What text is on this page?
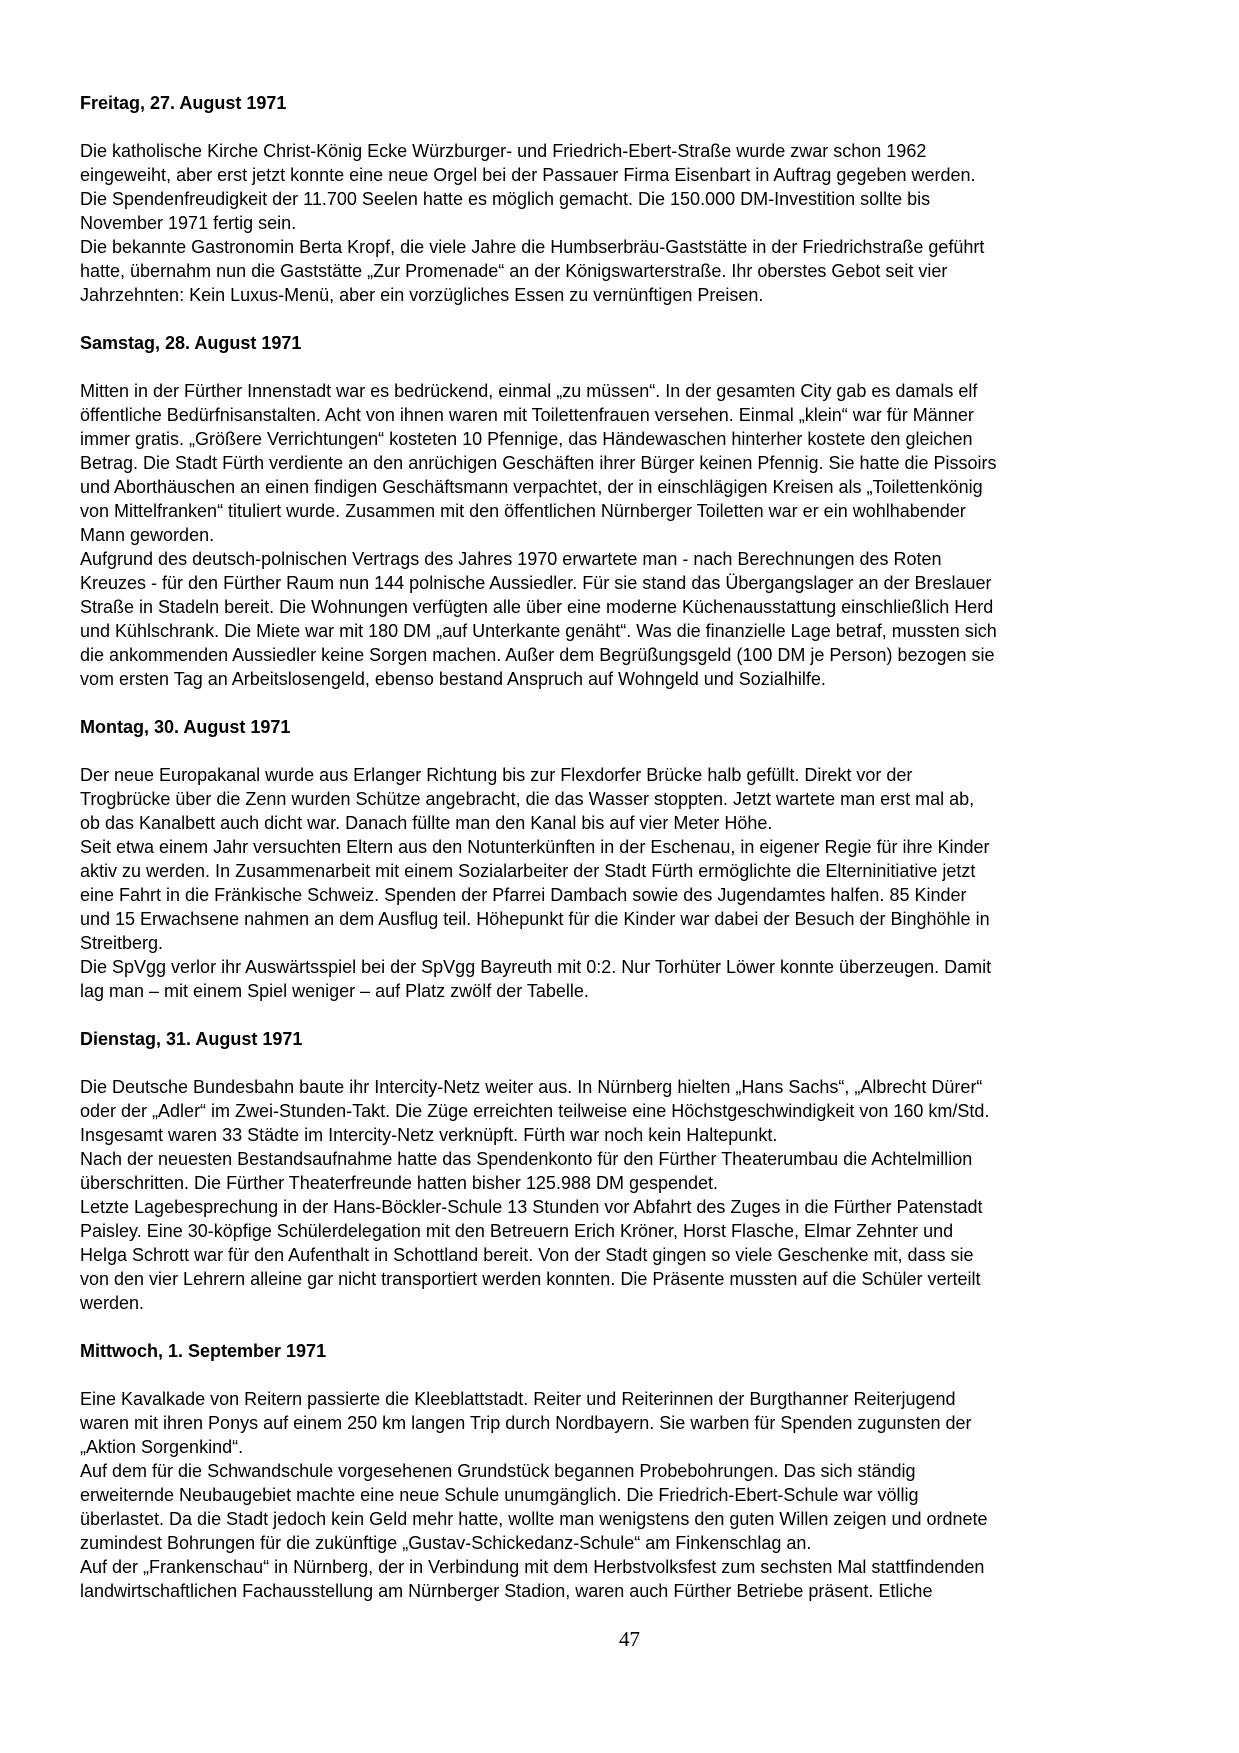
Freitag, 27. August 1971

Die katholische Kirche Christ-König Ecke Würzburger- und Friedrich-Ebert-Straße wurde zwar schon 1962
eingeweiht, aber erst jetzt konnte eine neue Orgel bei der Passauer Firma Eisenbart in Auftrag gegeben werden.
Die Spendenfreudigkeit der 11.700 Seelen hatte es möglich gemacht. Die 150.000 DM-Investition sollte bis
November 1971 fertig sein.
Die bekannte Gastronomin Berta Kropf, die viele Jahre die Humbserbräu-Gaststätte in der Friedrichstraße geführt
hatte, übernahm nun die Gaststätte „Zur Promenade“ an der Königswarterstraße. Ihr oberstes Gebot seit vier
Jahrzehnten: Kein Luxus-Menü, aber ein vorzügliches Essen zu vernünftigen Preisen.

Samstag, 28. August 1971

Mitten in der Fürther Innenstadt war es bedrückend, einmal „zu müssen“. In der gesamten City gab es damals elf
öffentliche Bedürfnisanstalten. Acht von ihnen waren mit Toilettenfrauen versehen. Einmal „klein“ war für Männer
immer gratis. „Größere Verrichtungen“ kosteten 10 Pfennige, das Händewaschen hinterher kostete den gleichen
Betrag. Die Stadt Fürth verdiente an den anrüchigen Geschäften ihrer Bürger keinen Pfennig. Sie hatte die Pissoirs
und Aborthäuschen an einen findigen Geschäftsmann verpachtet, der in einschlägigen Kreisen als „Toilettenkönig
von Mittelfranken“ tituliert wurde. Zusammen mit den öffentlichen Nürnberger Toiletten war er ein wohlhabender
Mann geworden.
Aufgrund des deutsch-polnischen Vertrags des Jahres 1970 erwartete man - nach Berechnungen des Roten
Kreuzes - für den Fürther Raum nun 144 polnische Aussiedler. Für sie stand das Übergangslager an der Breslauer
Straße in Stadeln bereit. Die Wohnungen verfügten alle über eine moderne Küchenausstattung einschließlich Herd
und Kühlschrank. Die Miete war mit 180 DM „auf Unterkante genäht“. Was die finanzielle Lage betraf, mussten sich
die ankommenden Aussiedler keine Sorgen machen. Außer dem Begrüßungsgeld (100 DM je Person) bezogen sie
vom ersten Tag an Arbeitslosengeld, ebenso bestand Anspruch auf Wohngeld und Sozialhilfe.

Montag, 30. August 1971

Der neue Europakanal wurde aus Erlanger Richtung bis zur Flexdorfer Brücke halb gefüllt. Direkt vor der
Trogbrücke über die Zenn wurden Schütze angebracht, die das Wasser stoppten. Jetzt wartete man erst mal ab,
ob das Kanalbett auch dicht war. Danach füllte man den Kanal bis auf vier Meter Höhe.
Seit etwa einem Jahr versuchten Eltern aus den Notunterkünften in der Eschenau, in eigener Regie für ihre Kinder
aktiv zu werden. In Zusammenarbeit mit einem Sozialarbeiter der Stadt Fürth ermöglichte die Elterninitiative jetzt
eine Fahrt in die Fränkische Schweiz. Spenden der Pfarrei Dambach sowie des Jugendamtes halfen. 85 Kinder
und 15 Erwachsene nahmen an dem Ausflug teil. Höhepunkt für die Kinder war dabei der Besuch der Binghöhle in
Streitberg.
Die SpVgg verlor ihr Auswärtsspiel bei der SpVgg Bayreuth mit 0:2. Nur Torhüter Löwer konnte überzeugen. Damit
lag man – mit einem Spiel weniger – auf Platz zwölf der Tabelle.

Dienstag, 31. August 1971

Die Deutsche Bundesbahn baute ihr Intercity-Netz weiter aus. In Nürnberg hielten „Hans Sachs“, „Albrecht Dürer“
oder der „Adler“ im Zwei-Stunden-Takt. Die Züge erreichten teilweise eine Höchstgeschwindigkeit von 160 km/Std.
Insgesamt waren 33 Städte im Intercity-Netz verknüpft. Fürth war noch kein Haltepunkt.
Nach der neuesten Bestandsaufnahme hatte das Spendenkonto für den Fürther Theaterumbau die Achtelmillion
überschritten. Die Fürther Theaterfreunde hatten bisher 125.988 DM gespendet.
Letzte Lagebesprechung in der Hans-Böckler-Schule 13 Stunden vor Abfahrt des Zuges in die Fürther Patenstadt
Paisley. Eine 30-köpfige Schülerdelegation mit den Betreuern Erich Kröner, Horst Flasche, Elmar Zehnter und
Helga Schrott war für den Aufenthalt in Schottland bereit. Von der Stadt gingen so viele Geschenke mit, dass sie
von den vier Lehrern alleine gar nicht transportiert werden konnten. Die Präsente mussten auf die Schüler verteilt
werden.

Mittwoch, 1. September 1971

Eine Kavalkade von Reitern passierte die Kleeblattstadt. Reiter und Reiterinnen der Burgthanner Reiterjugend
waren mit ihren Ponys auf einem 250 km langen Trip durch Nordbayern. Sie warben für Spenden zugunsten der
„Aktion Sorgenkind“.
Auf dem für die Schwandschule vorgesehenen Grundstück begannen Probebohrungen. Das sich ständig
erweiternde Neubaugebiet machte eine neue Schule unumgänglich. Die Friedrich-Ebert-Schule war völlig
überlastet. Da die Stadt jedoch kein Geld mehr hatte, wollte man wenigstens den guten Willen zeigen und ordnete
zumindest Bohrungen für die zukünftige „Gustav-Schickedanz-Schule“ am Finkenschlag an.
Auf der „Frankenschau“ in Nürnberg, der in Verbindung mit dem Herbstvolksfest zum sechsten Mal stattfindenden
landwirtschaftlichen Fachausstellung am Nürnberger Stadion, waren auch Fürther Betriebe präsent. Etliche

47
